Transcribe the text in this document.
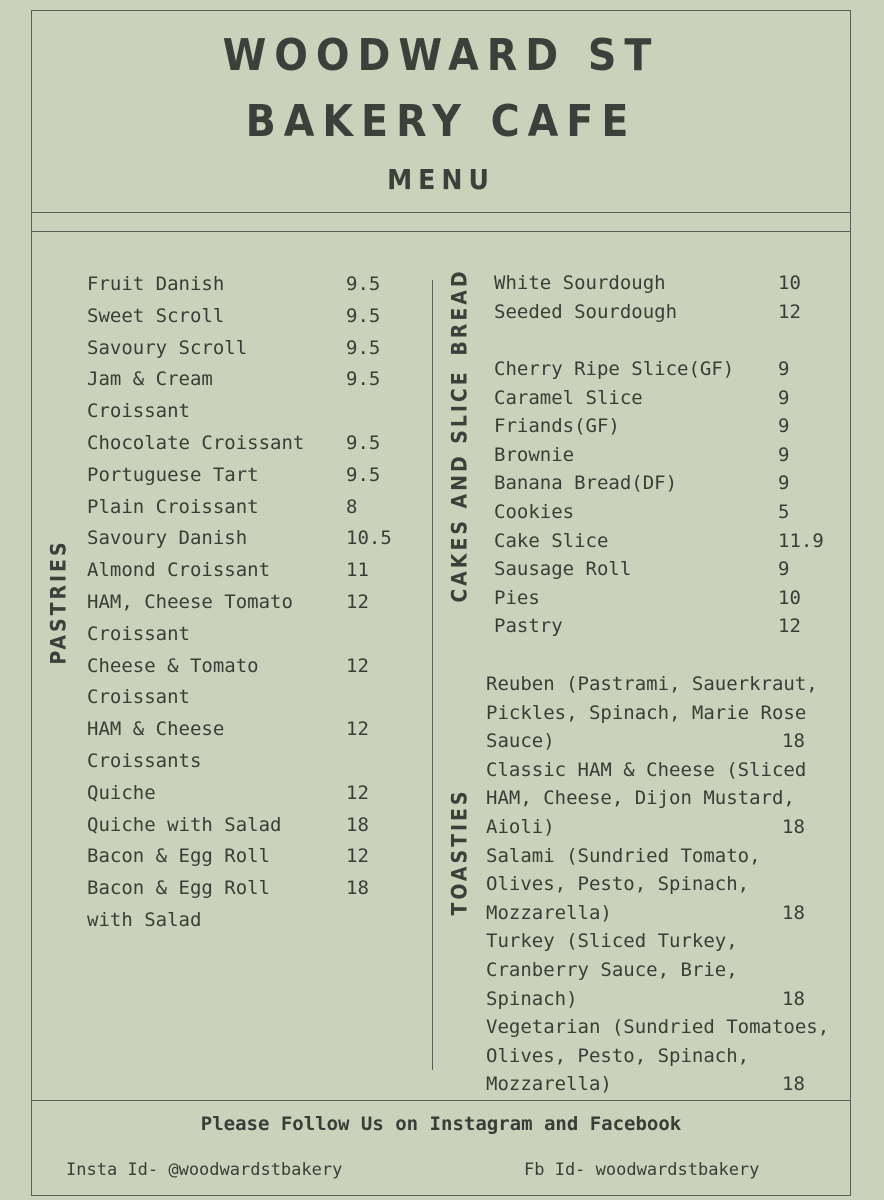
WOODWARD ST
BAKERY CAFE
MENU
PASTRIES
BREAD
CAKES AND SLICE
TOASTIES
Fruit Danish	9.5
Sweet Scroll	9.5
Savoury Scroll	9.5
Jam & Cream
Croissant
9.5
Chocolate Croissant 9.5
Portuguese Tart	9.5
Plain Croissant	8
Savoury Danish	10.5
Almond Croissant	11
HAM, Cheese Tomato
Croissant
12
Cheese & Tomato
Croissant
12
HAM & Cheese
Croissants
12
Quiche	12
Quiche with Salad	18
Bacon & Egg Roll	12
Bacon & Egg Roll
with Salad
18
White Sourdough	10
Seeded Sourdough	12
Cherry Ripe Slice(GF) 9
Caramel Slice	9
Friands(GF)	9
Brownie	9
Banana Bread(DF)	9
Cookies	5
Cake Slice	11.9
Sausage Roll	9
Pies	10
Pastry	12
Reuben (Pastrami, Sauerkraut,
Pickles, Spinach, Marie Rose
Sauce)	18
Classic HAM & Cheese (Sliced
HAM, Cheese, Dijon Mustard,
Aioli)	18
Salami (Sundried Tomato,
Olives, Pesto, Spinach,
Mozzarella)	18
Turkey (Sliced Turkey,
Cranberry Sauce, Brie,
Spinach)	18
Vegetarian (Sundried Tomatoes,
Olives, Pesto, Spinach,
Mozzarella)	18
Please Follow Us on Instagram and Facebook
Insta Id- @woodwardstbakery	Fb Id- woodwardstbakery
